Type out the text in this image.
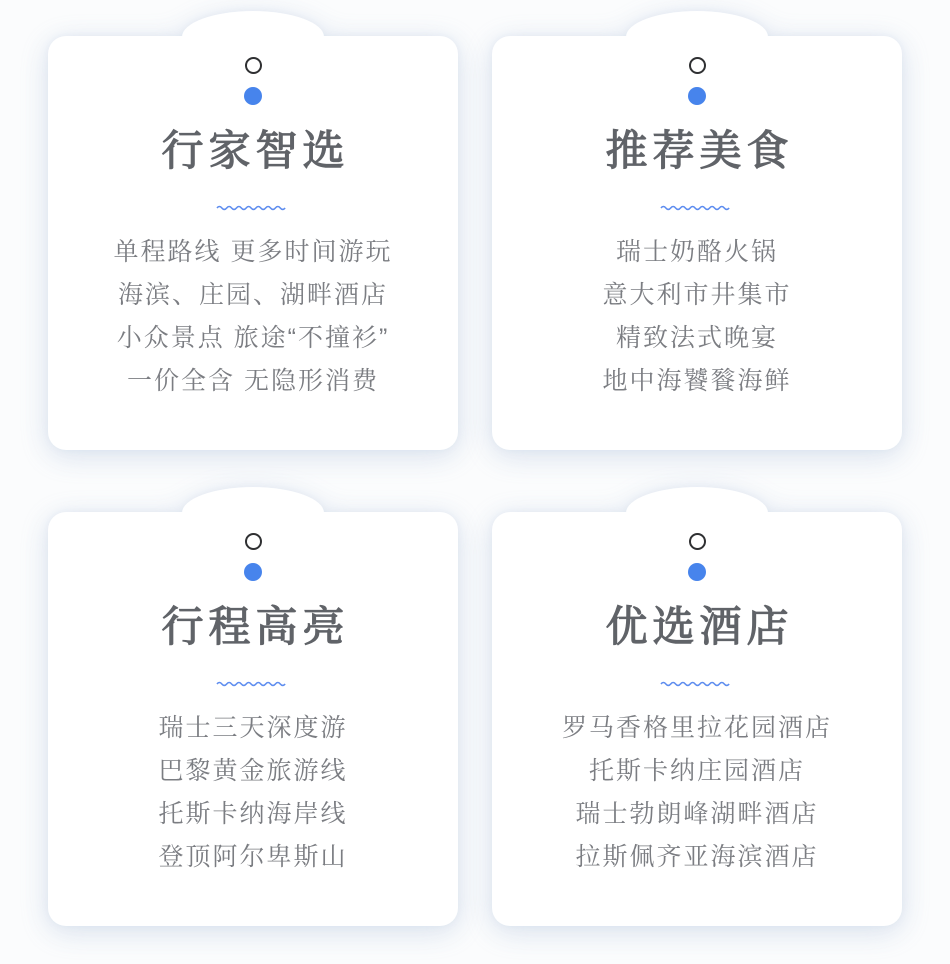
行家智选
单程路线 更多时间游玩
海滨、庄园、湖畔酒店
小众景点 旅途“不撞衫”
一价全含 无隐形消费
推荐美食
瑞士奶酪火锅
意大利市井集市
精致法式晚宴
地中海饕餮海鲜
行程高亮
瑞士三天深度游
巴黎黄金旅游线
托斯卡纳海岸线
登顶阿尔卑斯山
优选酒店
罗马香格里拉花园酒店
托斯卡纳庄园酒店
瑞士勃朗峰湖畔酒店
拉斯佩齐亚海滨酒店
